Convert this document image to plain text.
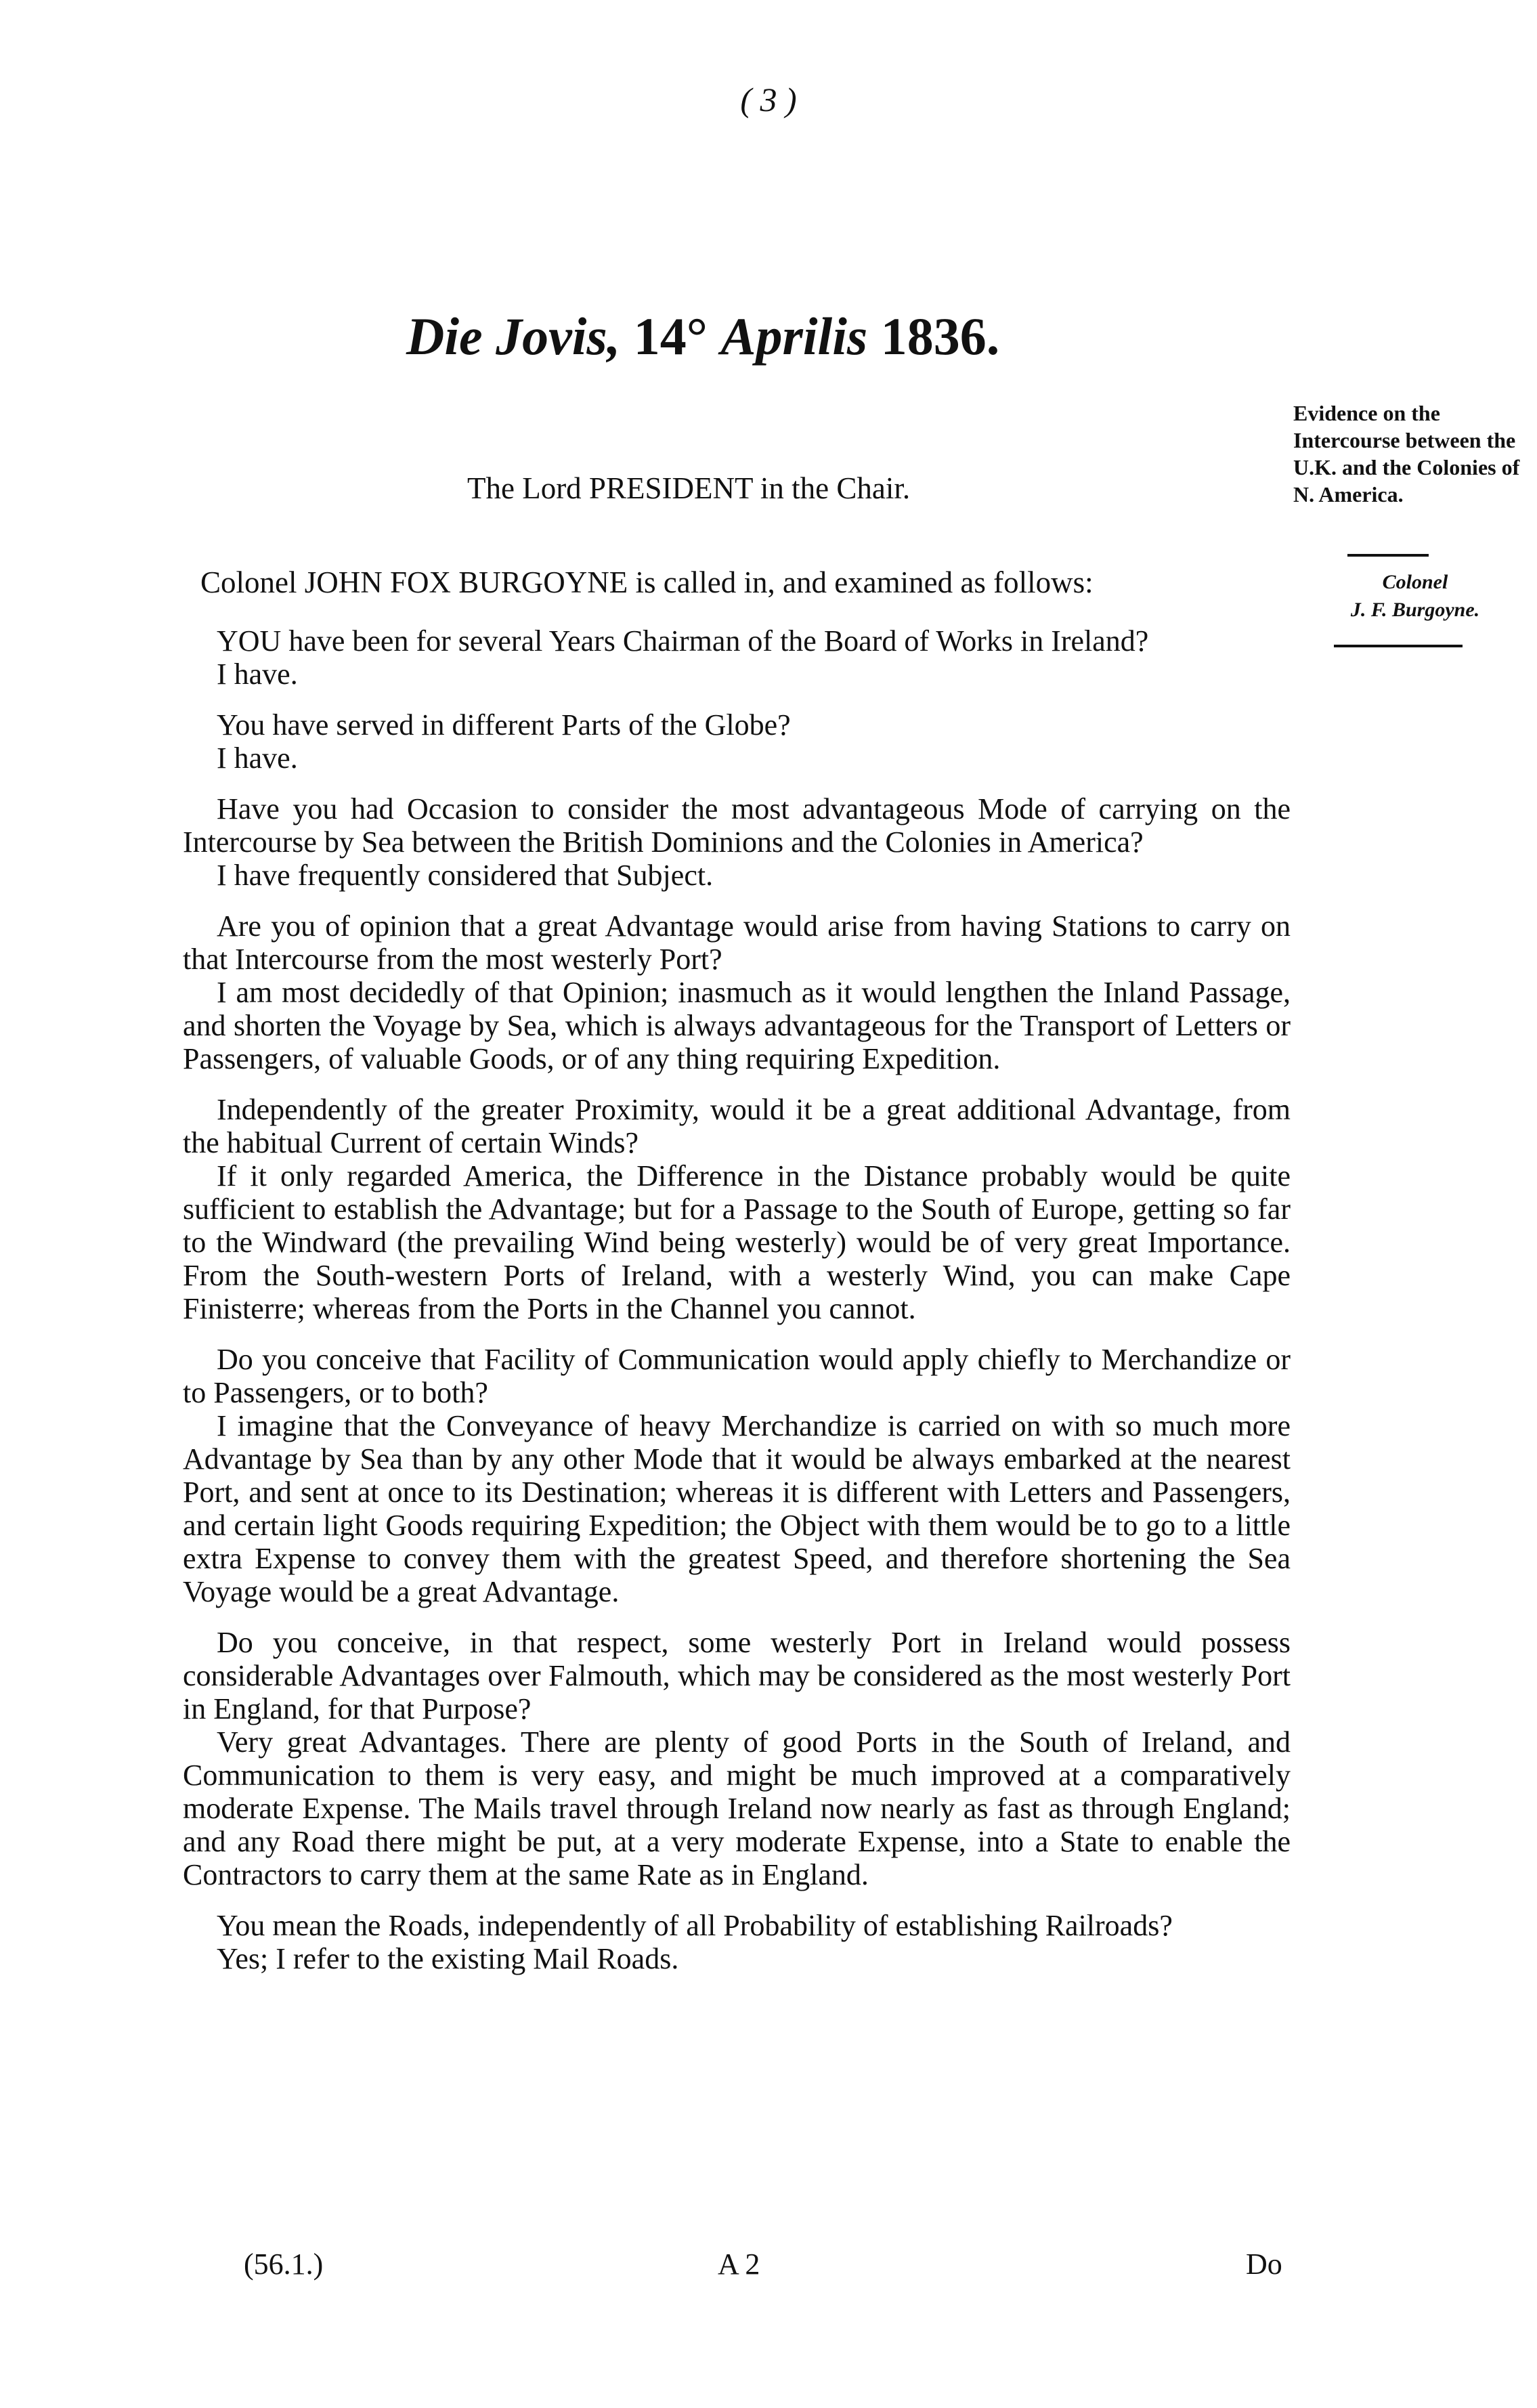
( 3 )
Die Jovis, 14° Aprilis 1836.
The Lord PRESIDENT in the Chair.
Evidence on the Intercourse between the U.K. and the Colonies of N. America.
Colonel
J. F. Burgoyne.
Colonel JOHN FOX BURGOYNE is called in, and examined as follows:

YOU have been for several Years Chairman of the Board of Works in Ireland?

I have.

You have served in different Parts of the Globe?

I have.

Have you had Occasion to consider the most advantageous Mode of carrying on the Intercourse by Sea between the British Dominions and the Colonies in America?

I have frequently considered that Subject.

Are you of opinion that a great Advantage would arise from having Stations to carry on that Intercourse from the most westerly Port?

I am most decidedly of that Opinion; inasmuch as it would lengthen the Inland Passage, and shorten the Voyage by Sea, which is always advantageous for the Transport of Letters or Passengers, of valuable Goods, or of any thing requiring Expedition.

Independently of the greater Proximity, would it be a great additional Advantage, from the habitual Current of certain Winds?

If it only regarded America, the Difference in the Distance probably would be quite sufficient to establish the Advantage; but for a Passage to the South of Europe, getting so far to the Windward (the prevailing Wind being westerly) would be of very great Importance. From the South-western Ports of Ireland, with a westerly Wind, you can make Cape Finisterre; whereas from the Ports in the Channel you cannot.

Do you conceive that Facility of Communication would apply chiefly to Merchandize or to Passengers, or to both?

I imagine that the Conveyance of heavy Merchandize is carried on with so much more Advantage by Sea than by any other Mode that it would be always embarked at the nearest Port, and sent at once to its Destination; whereas it is different with Letters and Passengers, and certain light Goods requiring Expedition; the Object with them would be to go to a little extra Expense to convey them with the greatest Speed, and therefore shortening the Sea Voyage would be a great Advantage.

Do you conceive, in that respect, some westerly Port in Ireland would possess considerable Advantages over Falmouth, which may be considered as the most westerly Port in England, for that Purpose?

Very great Advantages. There are plenty of good Ports in the South of Ireland, and Communication to them is very easy, and might be much improved at a comparatively moderate Expense. The Mails travel through Ireland now nearly as fast as through England; and any Road there might be put, at a very moderate Expense, into a State to enable the Contractors to carry them at the same Rate as in England.

You mean the Roads, independently of all Probability of establishing Railroads?

Yes; I refer to the existing Mail Roads.

(56.1.)	A 2	Do
